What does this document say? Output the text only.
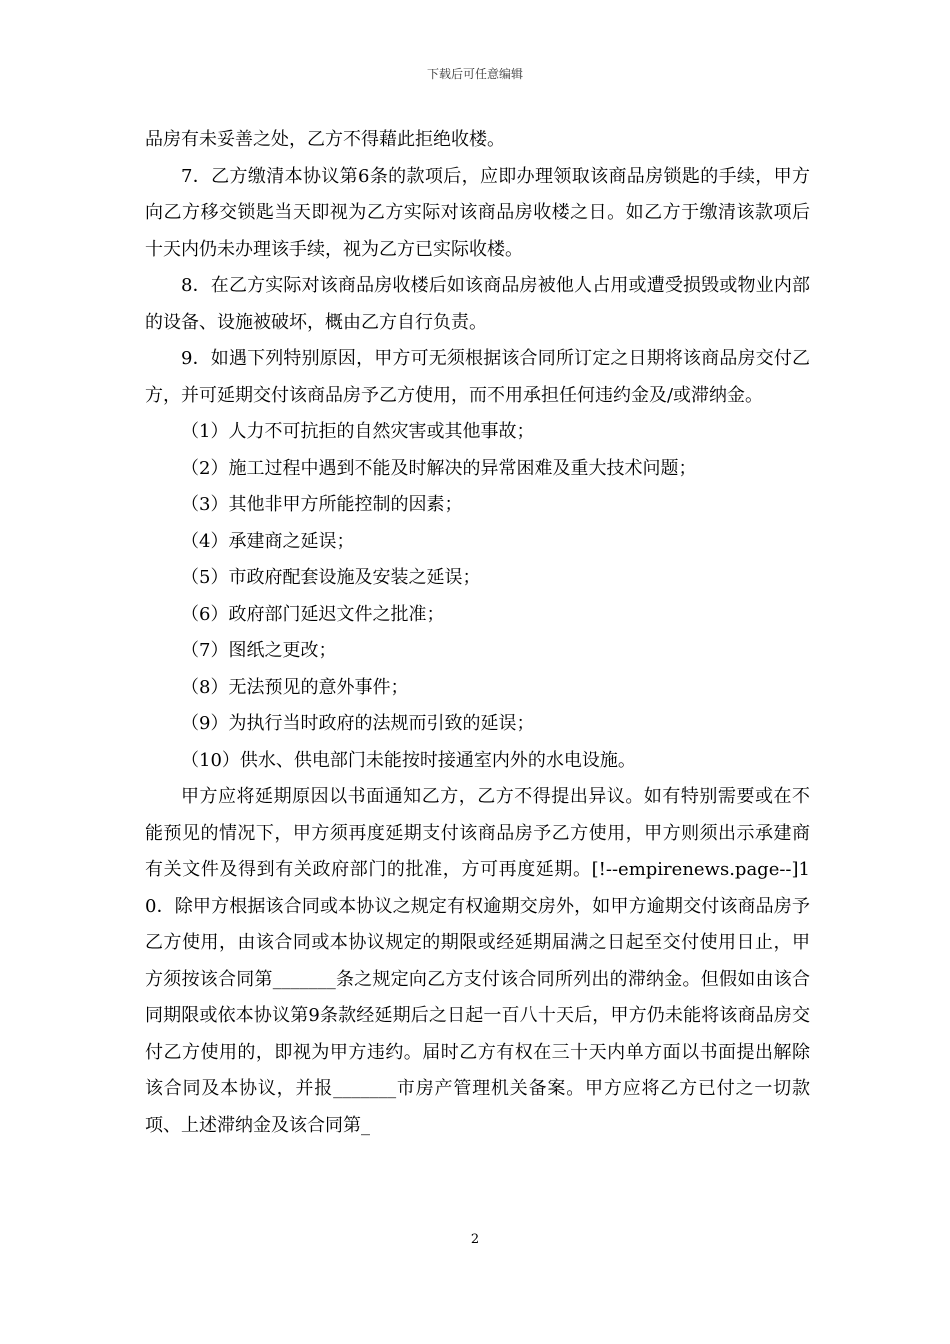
下载后可任意编辑

品房有未妥善之处，乙方不得藉此拒绝收楼。

7．乙方缴清本协议第6条的款项后，应即办理领取该商品房锁匙的手续，甲方向乙方移交锁匙当天即视为乙方实际对该商品房收楼之日。如乙方于缴清该款项后十天内仍未办理该手续，视为乙方已实际收楼。

8．在乙方实际对该商品房收楼后如该商品房被他人占用或遭受损毁或物业内部的设备、设施被破坏，概由乙方自行负责。

9．如遇下列特别原因，甲方可无须根据该合同所订定之日期将该商品房交付乙方，并可延期交付该商品房予乙方使用，而不用承担任何违约金及/或滞纳金。

（1）人力不可抗拒的自然灾害或其他事故；

（2）施工过程中遇到不能及时解决的异常困难及重大技术问题；

（3）其他非甲方所能控制的因素；

（4）承建商之延误；

（5）市政府配套设施及安装之延误；

（6）政府部门延迟文件之批准；

（7）图纸之更改；

（8）无法预见的意外事件；

（9）为执行当时政府的法规而引致的延误；

（10）供水、供电部门未能按时接通室内外的水电设施。

甲方应将延期原因以书面通知乙方，乙方不得提出异议。如有特别需要或在不能预见的情况下，甲方须再度延期支付该商品房予乙方使用，甲方则须出示承建商有关文件及得到有关政府部门的批准，方可再度延期。[!--empirenews.page--]10．除甲方根据该合同或本协议之规定有权逾期交房外，如甲方逾期交付该商品房予乙方使用，由该合同或本协议规定的期限或经延期届满之日起至交付使用日止，甲方须按该合同第_______条之规定向乙方支付该合同所列出的滞纳金。但假如由该合同期限或依本协议第9条款经延期后之日起一百八十天后，甲方仍未能将该商品房交付乙方使用的，即视为甲方违约。届时乙方有权在三十天内单方面以书面提出解除该合同及本协议，并报_______市房产管理机关备案。甲方应将乙方已付之一切款项、上述滞纳金及该合同第_

2
